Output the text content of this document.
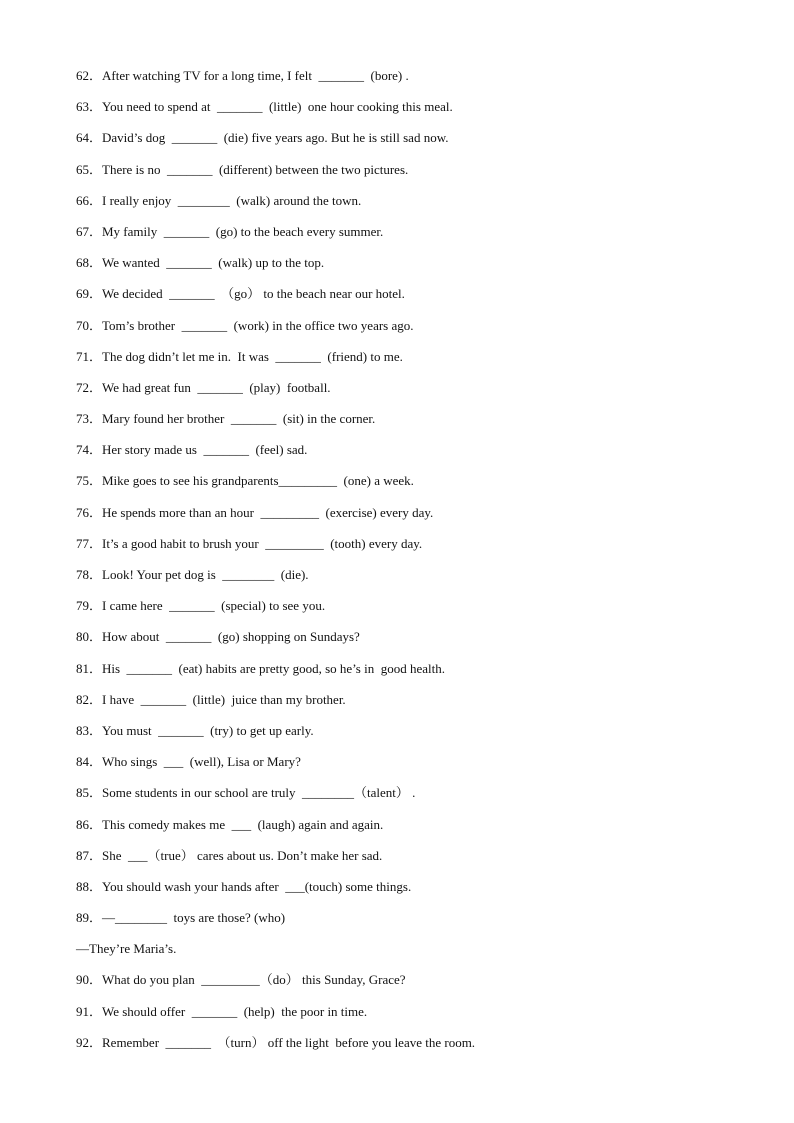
62．After watching TV for a long time, I felt  _______  (bore) .
63．You need to spend at  _______  (little)  one hour cooking this meal.
64．David’s dog  _______  (die) five years ago. But he is still sad now.
65．There is no  _______  (different) between the two pictures.
66．I really enjoy  ________  (walk) around the town.
67．My family  _______  (go) to the beach every summer.
68．We wanted  _______  (walk) up to the top.
69．We decided  _______  （go） to the beach near our hotel.
70．Tom’s brother  _______  (work) in the office two years ago.
71．The dog didn’t let me in.  It was  _______  (friend) to me.
72．We had great fun  _______  (play)  football.
73．Mary found her brother  _______  (sit) in the corner.
74．Her story made us  _______  (feel) sad.
75．Mike goes to see his grandparents_________  (one) a week.
76．He spends more than an hour  _________  (exercise) every day.
77．It’s a good habit to brush your  _________  (tooth) every day.
78．Look! Your pet dog is  ________  (die).
79．I came here  _______  (special) to see you.
80．How about  _______  (go) shopping on Sundays?
81．His  _______  (eat) habits are pretty good, so he’s in  good health.
82．I have  _______  (little)  juice than my brother.
83．You must  _______  (try) to get up early.
84．Who sings  ___  (well), Lisa or Mary?
85．Some students in our school are truly  ________（talent） .
86．This comedy makes me  ___  (laugh) again and again.
87．She  ___（true） cares about us. Don’t make her sad.
88．You should wash your hands after  ___(touch) some things.
89．—________  toys are those? (who)
—They’re Maria’s.
90．What do you plan  _________（do） this Sunday, Grace?
91．We should offer  _______  (help)  the poor in time.
92．Remember  _______  （turn） off the light  before you leave the room.
